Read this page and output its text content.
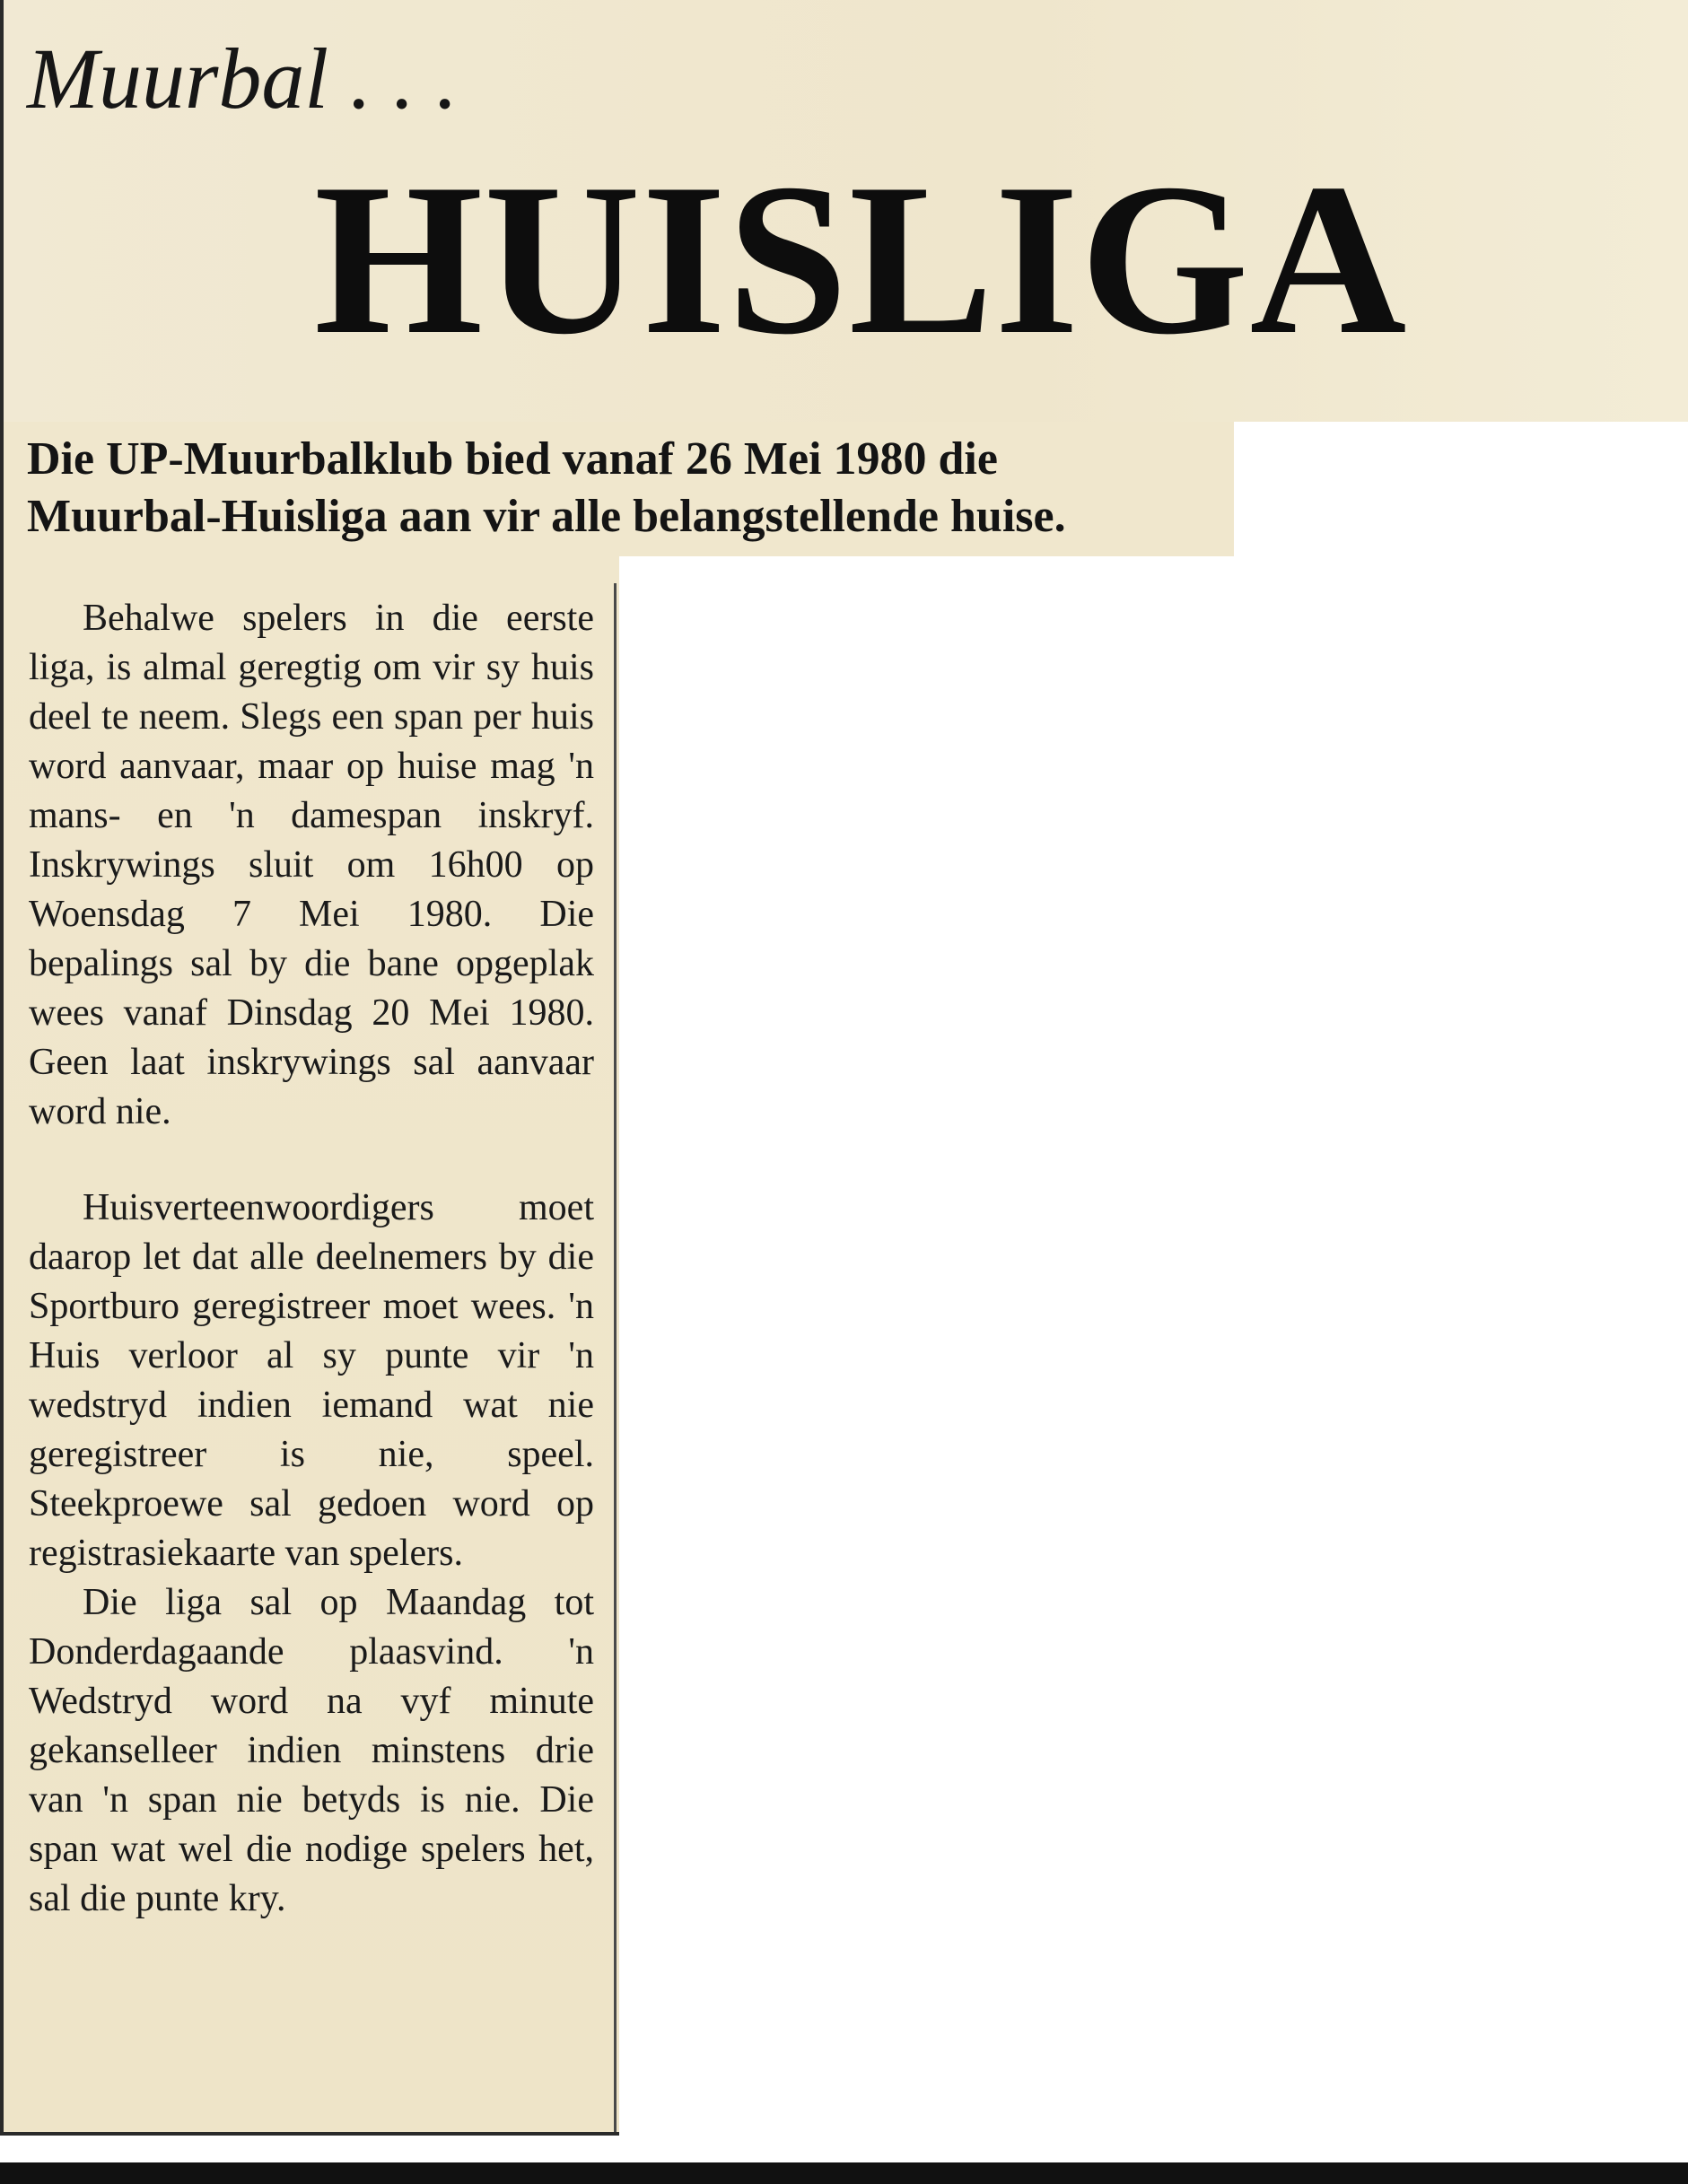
Muurbal . . .
HUISLIGA

Die UP-Muurbalklub bied vanaf 26 Mei 1980 die
Muurbal-Huisliga aan vir alle belangstellende huise.

Behalwe spelers in die eerste liga, is almal geregtig om vir sy huis deel te neem. Slegs een span per huis word aanvaar, maar op huise mag 'n mans- en 'n damespan inskryf. Inskrywings sluit om 16h00 op Woensdag 7 Mei 1980. Die bepalings sal by die bane opgeplak wees vanaf Dinsdag 20 Mei 1980. Geen laat inskrywings sal aanvaar word nie.

Huisverteenwoordigers moet daarop let dat alle deelnemers by die Sportburo geregistreer moet wees. 'n Huis verloor al sy punte vir 'n wedstryd indien iemand wat nie geregistreer is nie, speel. Steekproewe sal gedoen word op registrasiekaarte van spelers.

Die liga sal op Maandag tot Donderdagaande plaasvind. 'n Wedstryd word na vyf minute gekanselleer indien minstens drie van 'n span nie betyds is nie. Die span wat wel die nodige spelers het, sal die punte kry.
